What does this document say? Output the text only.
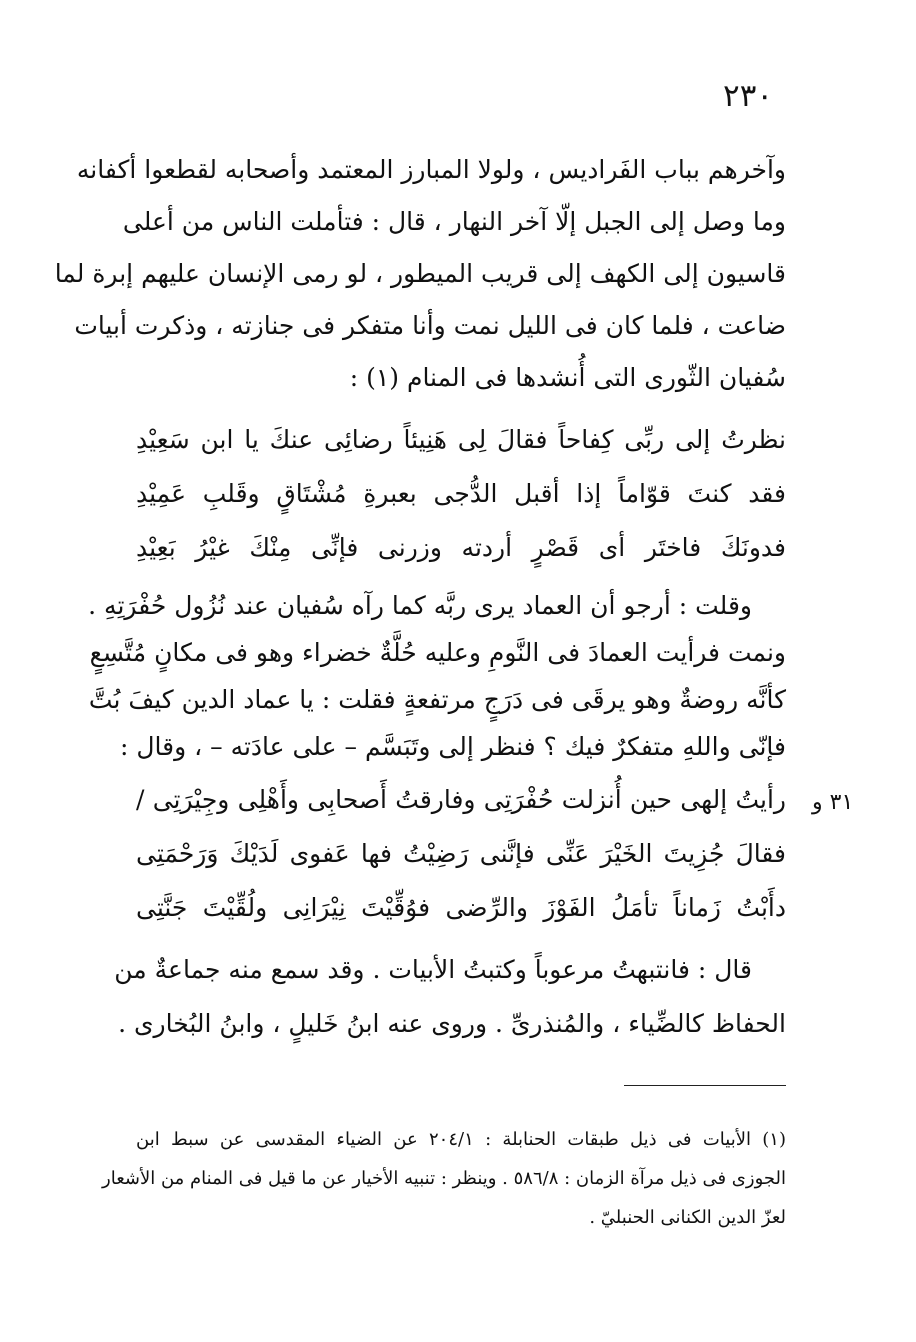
٢٣٠
٣١ و
وآخرهم بباب الفَراديس ، ولولا المبارز المعتمد وأصحابه لقطعوا أكفانه
وما وصل إلى الجبل إلّا آخر النهار ، قال : فتأملت الناس من أعلى
قاسيون إلى الكهف إلى قريب الميطور ، لو رمى الإنسان عليهم إبرة لما
ضاعت ، فلما كان فى الليل نمت وأنا متفكر فى جنازته ، وذكرت أبيات
سُفيان الثّورى التى أُنشدها فى المنام (١) :
نظرتُ إلى ربِّى كِفاحاً فقالَ لِى هَنِيئاً رضائِى عنكَ يا ابن سَعِيْدِ
فقد كنتَ قوّاماً إذا أقبل الدُّجى بعبرةِ مُشْتَاقٍ وقَلبِ عَمِيْدِ
فدونَكَ فاختَر أى قَصْرٍ أردته وزرنى فإنِّى مِنْكَ غيْرُ بَعِيْدِ
وقلت : أرجو أن العماد يرى ربَّه كما رآه سُفيان عند نُزُول حُفْرَتِهِ .
ونمت فرأيت العمادَ فى النَّومِ وعليه حُلَّةٌ خضراء وهو فى مكانٍ مُتَّسِعٍ
كأنَّه روضةٌ وهو يرقَى فى دَرَجٍ مرتفعةٍ فقلت : يا عماد الدين كيفَ بُتَّ
فإنّى واللهِ متفكرٌ فيك ؟ فنظر إلى وتَبَسَّم – على عادَته – ، وقال :
رأيتُ إلهى حين أُنزلت حُفْرَتِى وفارقتُ أَصحابِى وأَهْلِى وجِيْرَتِى /
فقالَ جُزِيتَ الخَيْرَ عَنِّى فإنَّنى رَضِيْتُ فها عَفوى لَدَيْكَ وَرَحْمَتِى
دأَبْتُ زَماناً تأمَلُ الفَوْزَ والرِّضى فوُقِّيْتَ نِيْرَانِى ولُقِّيْتَ جَنَّتِى
قال : فانتبهتُ مرعوباً وكتبتُ الأبيات . وقد سمع منه جماعةٌ من
الحفاظ كالضِّياء ، والمُنذرىِّ . وروى عنه ابنُ خَليلٍ ، وابنُ البُخارى .
(١) الأبيات فى ذيل طبقات الحنابلة : ٢٠٤/١ عن الضياء المقدسى عن سبط ابن
الجوزى فى ذيل مرآة الزمان : ٥٨٦/٨ . وينظر : تنبيه الأخيار عن ما قيل فى المنام من الأشعار
لعزّ الدين الكنانى الحنبليّ .
